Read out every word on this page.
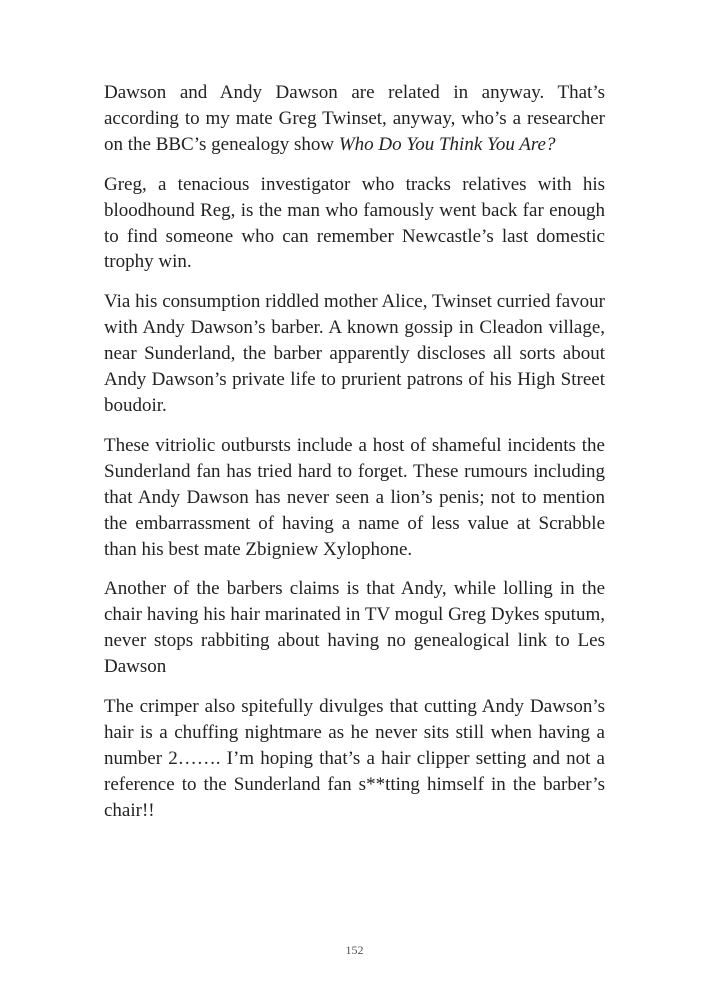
Dawson and Andy Dawson are related in anyway. That’s according to my mate Greg Twinset, anyway, who’s a researcher on the BBC’s genealogy show Who Do You Think You Are?

Greg, a tenacious investigator who tracks relatives with his bloodhound Reg, is the man who famously went back far enough to find someone who can remember Newcastle’s last domestic trophy win.

Via his consumption riddled mother Alice, Twinset curried favour with Andy Dawson’s barber. A known gossip in Cleadon village, near Sunderland, the barber apparently discloses all sorts about Andy Dawson’s private life to prurient patrons of his High Street boudoir.

These vitriolic outbursts include a host of shameful incidents the Sunderland fan has tried hard to forget. These rumours including that Andy Dawson has never seen a lion’s penis; not to mention the embarrassment of having a name of less value at Scrabble than his best mate Zbigniew Xylophone.

Another of the barbers claims is that Andy, while lolling in the chair having his hair marinated in TV mogul Greg Dykes sputum, never stops rabbiting about having no genealogical link to Les Dawson

The crimper also spitefully divulges that cutting Andy Dawson’s hair is a chuffing nightmare as he never sits still when having a number 2……. I’m hoping that’s a hair clipper setting and not a reference to the Sunderland fan s**tting himself in the barber’s chair!!

152
